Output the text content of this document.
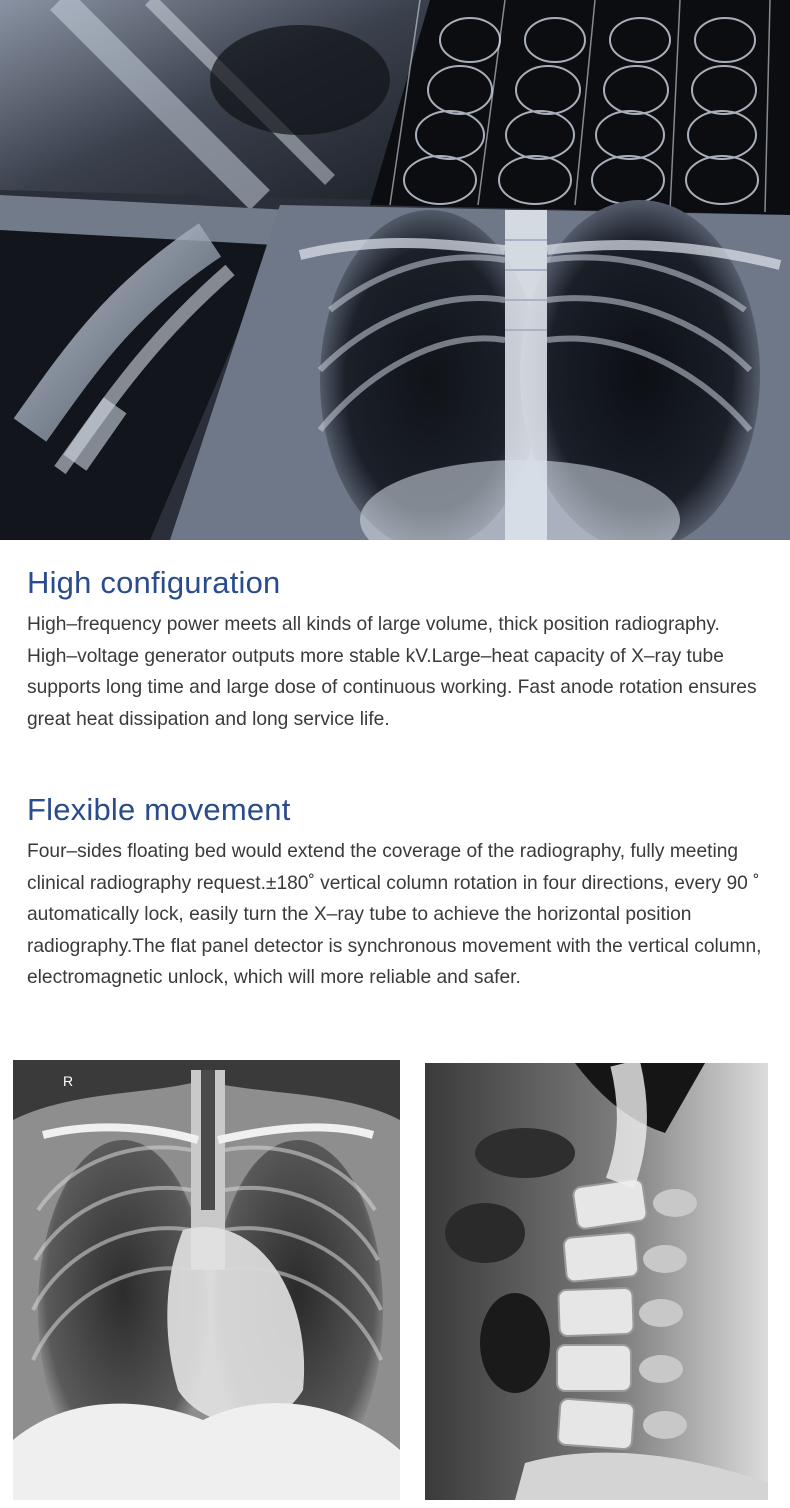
High configuration

High–frequency power meets all kinds of large volume, thick position radiography. High–voltage generator outputs more stable kV.Large–heat capacity of X–ray tube supports long time and large dose of continuous working. Fast anode rotation ensures great heat dissipation and long service life.

Flexible movement

Four–sides floating bed would extend the coverage of the radiography, fully meeting clinical radiography request.±180˚ vertical column rotation in four directions, every 90 ˚ automatically lock, easily turn the X–ray tube to achieve the horizontal position radiography.The flat panel detector is synchronous movement with the vertical column, electromagnetic unlock, which will more reliable and safer.

R
